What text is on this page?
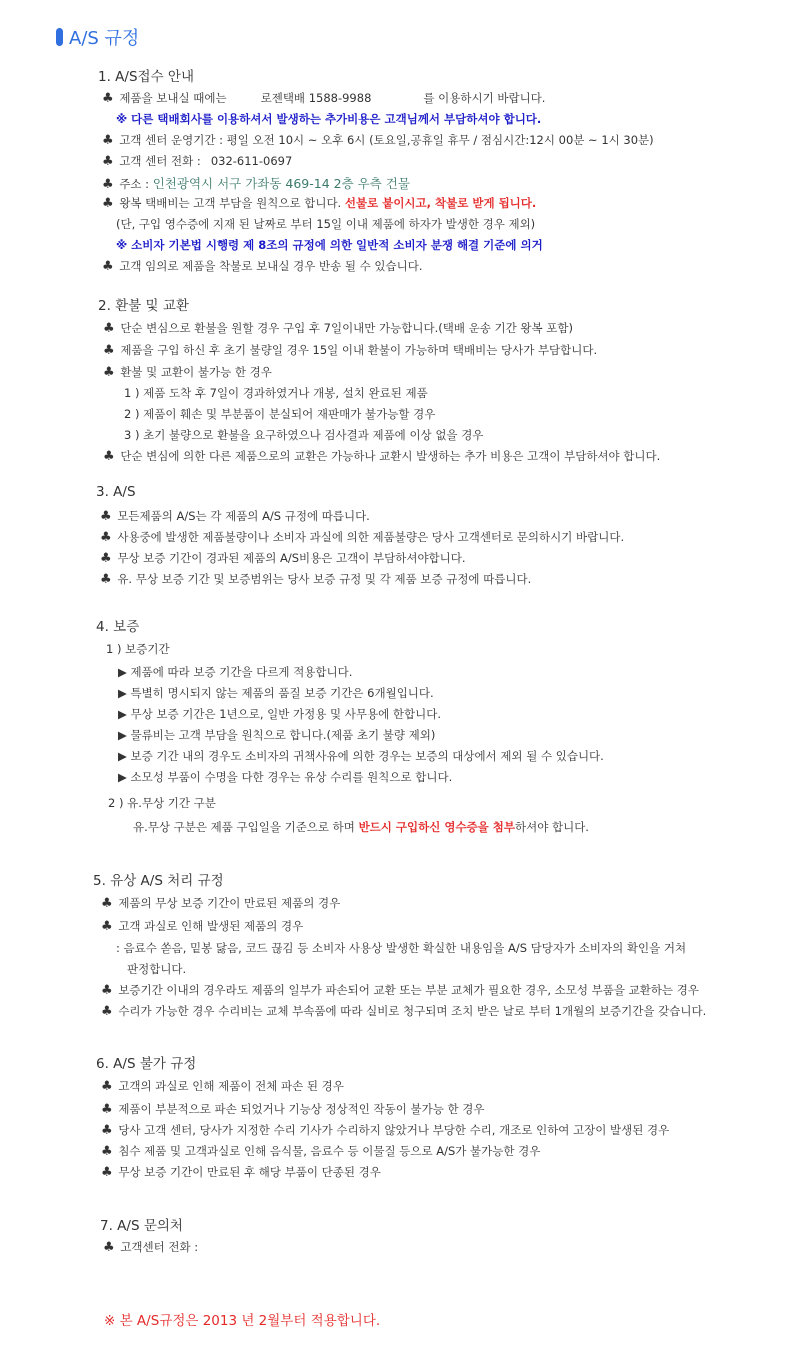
A/S 규정
1. A/S접수 안내
♣ 제품을 보내실 때에는	로젠택배 1588-9988	를 이용하시기 바랍니다.
※ 다른 택배회사를 이용하셔서 발생하는 추가비용은 고객님께서 부담하셔야 합니다.
♣ 고객 센터 운영기간 : 평일 오전 10시 ~ 오후 6시 (토요일,공휴일 휴무 / 점심시간:12시 00분 ~ 1시 30분)
♣ 고객 센터 전화 : 032-611-0697
♣ 주소 : 인천광역시 서구 가좌동 469-14 2층 우측 건물
♣ 왕복 택배비는 고객 부담을 원칙으로 합니다. 선불로 붙이시고, 착불로 받게 됩니다.
(단, 구입 영수증에 지재 된 날짜로 부터 15일 이내 제품에 하자가 발생한 경우 제외)
※ 소비자 기본법 시행령 제 8조의 규정에 의한 일반적 소비자 분쟁 해결 기준에 의거
♣ 고객 임의로 제품을 착불로 보내실 경우 반송 될 수 있습니다.
2. 환불 및 교환
♣ 단순 변심으로 환불을 원할 경우 구입 후 7일이내만 가능합니다.(택배 운송 기간 왕복 포함)
♣ 제품을 구입 하신 후 초기 불량일 경우 15일 이내 환불이 가능하며 택배비는 당사가 부담합니다.
♣ 환불 및 교환이 불가능 한 경우
1 ) 제품 도착 후 7일이 경과하였거나 개봉, 설치 완료된 제품
2 ) 제품이 훼손 및 부분품이 분실되어 재판매가 불가능할 경우
3 ) 초기 불량으로 환불을 요구하였으나 검사결과 제품에 이상 없을 경우
♣ 단순 변심에 의한 다른 제품으로의 교환은 가능하나 교환시 발생하는 추가 비용은 고객이 부담하셔야 합니다.
3. A/S
♣ 모든제품의 A/S는 각 제품의 A/S 규정에 따릅니다.
♣ 사용중에 발생한 제품불량이나 소비자 과실에 의한 제품불량은 당사 고객센터로 문의하시기 바랍니다.
♣ 무상 보증 기간이 경과된 제품의 A/S비용은 고객이 부담하셔야합니다.
♣ 유. 무상 보증 기간 및 보증범위는 당사 보증 규정 및 각 제품 보증 규정에 따릅니다.
4. 보증
1 ) 보증기간
▶ 제품에 따라 보증 기간을 다르게 적용합니다.
▶ 특별히 명시되지 않는 제품의 품질 보증 기간은 6개월입니다.
▶ 무상 보증 기간은 1년으로, 일반 가정용 및 사무용에 한합니다.
▶ 물류비는 고객 부담을 원칙으로 합니다.(제품 초기 불량 제외)
▶ 보증 기간 내의 경우도 소비자의 귀책사유에 의한 경우는 보증의 대상에서 제외 될 수 있습니다.
▶ 소모성 부품이 수명을 다한 경우는 유상 수리를 원칙으로 합니다.
2 ) 유.무상 기간 구분
유.무상 구분은 제품 구입일을 기준으로 하며 반드시 구입하신 영수증을 첨부하셔야 합니다.
5. 유상 A/S 처리 규정
♣ 제품의 무상 보증 기간이 만료된 제품의 경우
♣ 고객 과실로 인해 발생된 제품의 경우
: 음료수 쏟음, 밑봉 닳음, 코드 끊김 등 소비자 사용상 발생한 확실한 내용임을 A/S 담당자가 소비자의 확인을 거쳐
판정합니다.
♣ 보증기간 이내의 경우라도 제품의 일부가 파손되어 교환 또는 부분 교체가 필요한 경우, 소모성 부품을 교환하는 경우
♣ 수리가 가능한 경우 수리비는 교체 부속품에 따라 실비로 청구되며 조치 받은 날로 부터 1개월의 보증기간을 갖습니다.
6. A/S 불가 규정
♣ 고객의 과실로 인해 제품이 전체 파손 된 경우
♣ 제품이 부분적으로 파손 되었거나 기능상 정상적인 작동이 불가능 한 경우
♣ 당사 고객 센터, 당사가 지정한 수리 기사가 수리하지 않았거나 부당한 수리, 개조로 인하여 고장이 발생된 경우
♣ 침수 제품 및 고객과실로 인해 음식물, 음료수 등 이물질 등으로 A/S가 불가능한 경우
♣ 무상 보증 기간이 만료된 후 해당 부품이 단종된 경우
7. A/S 문의처
♣ 고객센터 전화 :
※ 본 A/S규정은 2013 년 2월부터 적용합니다.
